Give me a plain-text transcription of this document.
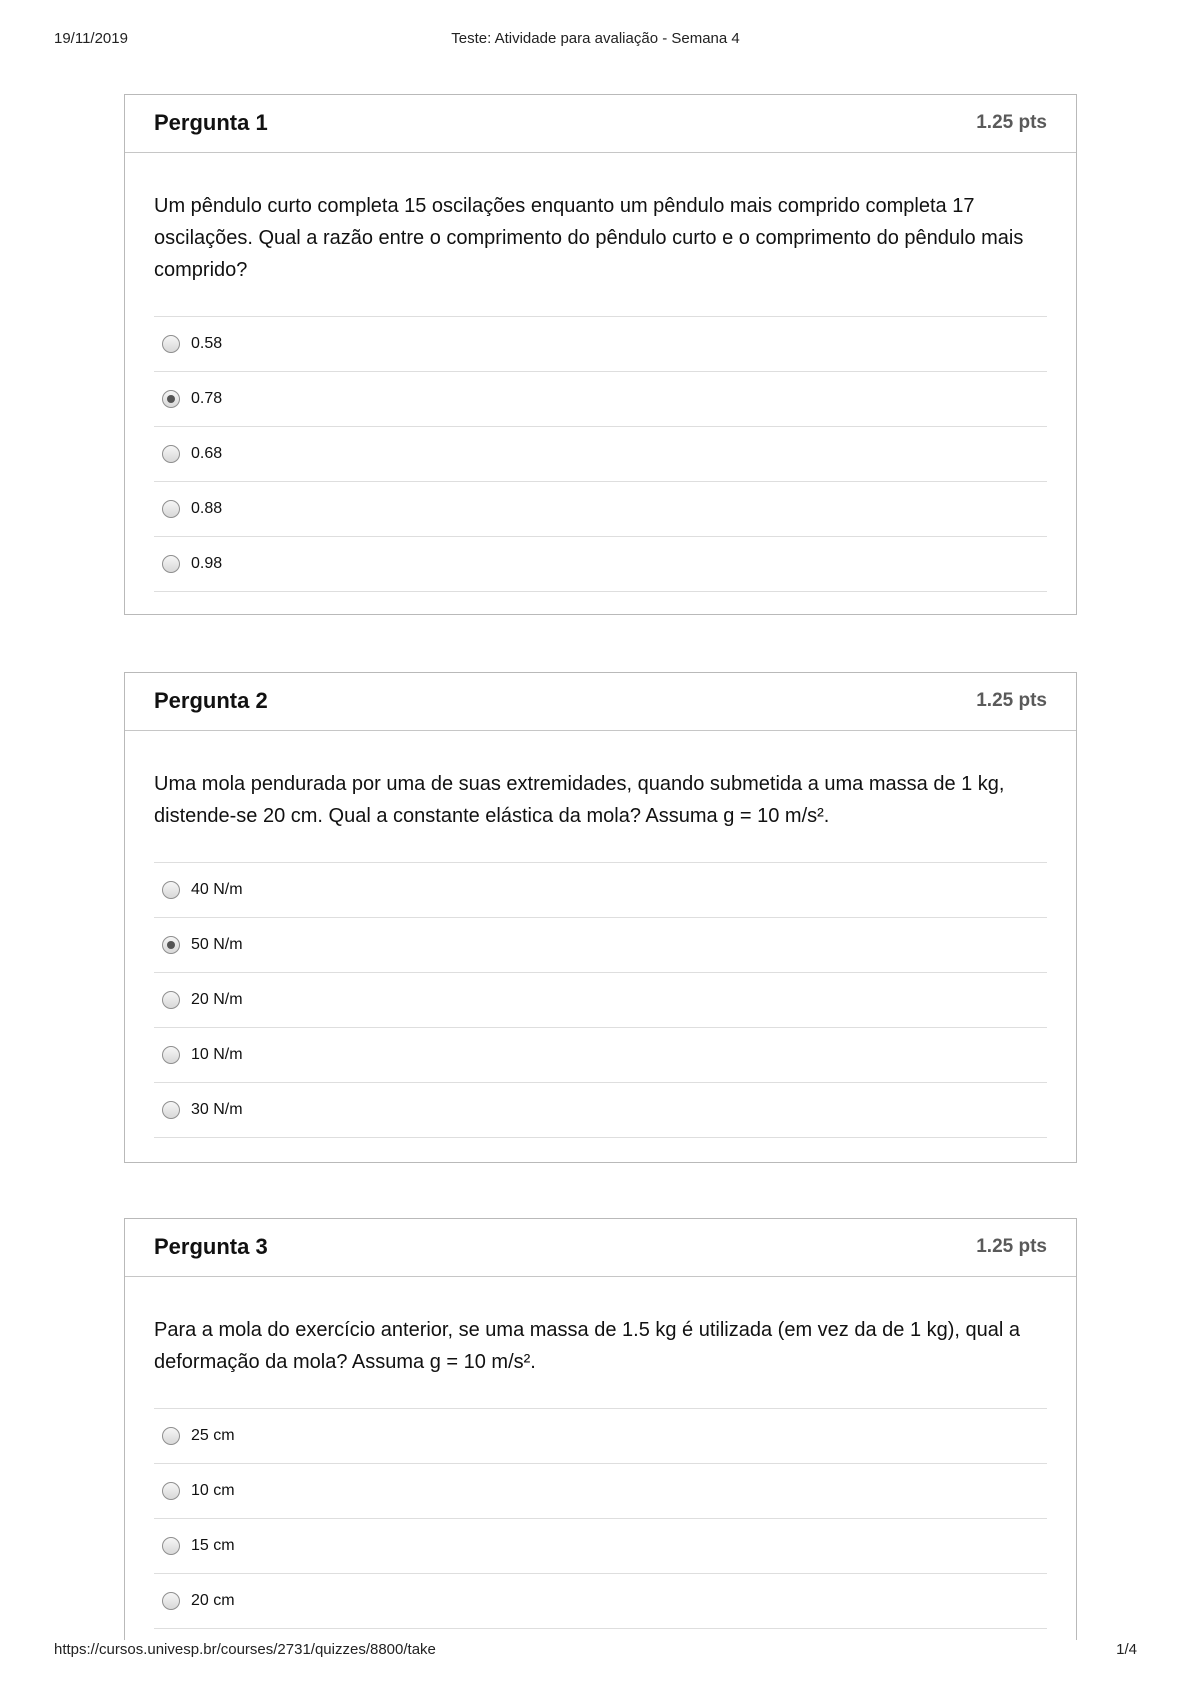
19/11/2019	Teste: Atividade para avaliação - Semana 4
Pergunta 1	1.25 pts
Um pêndulo curto completa 15 oscilações enquanto um pêndulo mais comprido completa 17 oscilações. Qual a razão entre o comprimento do pêndulo curto e o comprimento do pêndulo mais comprido?
0.58
0.78
0.68
0.88
0.98
Pergunta 2	1.25 pts
Uma mola pendurada por uma de suas extremidades, quando submetida a uma massa de 1 kg, distende-se 20 cm. Qual a constante elástica da mola? Assuma g = 10 m/s².
40 N/m
50 N/m
20 N/m
10 N/m
30 N/m
Pergunta 3	1.25 pts
Para a mola do exercício anterior, se uma massa de 1.5 kg é utilizada (em vez da de 1 kg), qual a deformação da mola? Assuma g = 10 m/s².
25 cm
10 cm
15 cm
20 cm
https://cursos.univesp.br/courses/2731/quizzes/8800/take	1/4
